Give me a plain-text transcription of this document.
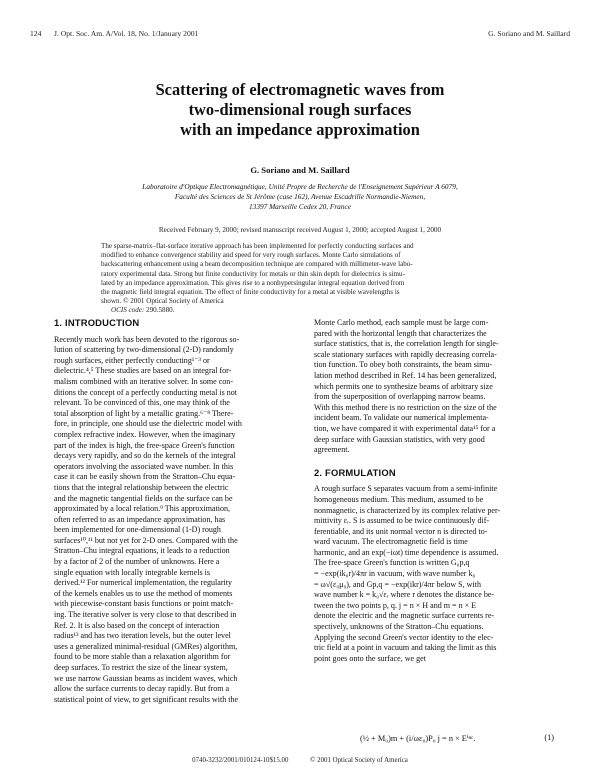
124 J. Opt. Soc. Am. A/Vol. 18, No. 1/January 2001	G. Soriano and M. Saillard
Scattering of electromagnetic waves from
two-dimensional rough surfaces
with an impedance approximation
G. Soriano and M. Saillard
Laboratoire d'Optique Electromagnétique, Unité Propre de Recherche de l'Enseignement Supérieur A 6079,
Faculté des Sciences de St Jérôme (case 162), Avenue Escadrille Normandie-Niemen,
13397 Marseille Cedex 20, France
Received February 9, 2000; revised manuscript received August 1, 2000; accepted August 1, 2000
The sparse-matrix–flat-surface iterative approach has been implemented for perfectly conducting surfaces and
modified to enhance convergence stability and speed for very rough surfaces. Monte Carlo simulations of
backscattering enhancement using a beam decomposition technique are compared with millimeter-wave labo-
ratory experimental data. Strong but finite conductivity for metals or thin skin depth for dielectrics is simu-
lated by an impedance approximation. This gives rise to a nonhypersingular integral equation derived from
the magnetic field integral equation. The effect of finite conductivity for a metal at visible wavelengths is
shown. © 2001 Optical Society of America
OCIS code: 290.5880.
1. INTRODUCTION
Recently much work has been devoted to the rigorous so-
lution of scattering by two-dimensional (2-D) randomly
rough surfaces, either perfectly conducting¹⁻³ or
dielectric.⁴,⁵ These studies are based on an integral for-
malism combined with an iterative solver. In some con-
ditions the concept of a perfectly conducting metal is not
relevant. To be convinced of this, one may think of the
total absorption of light by a metallic grating.⁶⁻⁸ There-
fore, in principle, one should use the dielectric model with
complex refractive index. However, when the imaginary
part of the index is high, the free-space Green's function
decays very rapidly, and so do the kernels of the integral
operators involving the associated wave number. In this
case it can be easily shown from the Stratton–Chu equa-
tions that the integral relationship between the electric
and the magnetic tangential fields on the surface can be
approximated by a local relation.⁹ This approximation,
often referred to as an impedance approximation, has
been implemented for one-dimensional (1-D) rough
surfaces¹⁰,¹¹ but not yet for 2-D ones. Compared with the
Stratton–Chu integral equations, it leads to a reduction
by a factor of 2 of the number of unknowns. Here a
single equation with locally integrable kernels is
derived.¹² For numerical implementation, the regularity
of the kernels enables us to use the method of moments
with piecewise-constant basis functions or point match-
ing. The iterative solver is very close to that described in
Ref. 2. It is also based on the concept of interaction
radius¹³ and has two iteration levels, but the outer level
uses a generalized minimal-residual (GMRes) algorithm,
found to be more stable than a relaxation algorithm for
deep surfaces. To restrict the size of the linear system,
we use narrow Gaussian beams as incident waves, which
allow the surface currents to decay rapidly. But from a
statistical point of view, to get significant results with the
Monte Carlo method, each sample must be large com-
pared with the horizontal length that characterizes the
surface statistics, that is, the correlation length for single-
scale stationary surfaces with rapidly decreasing correla-
tion function. To obey both constraints, the beam simu-
lation method described in Ref. 14 has been generalized,
which permits one to synthesize beams of arbitrary size
from the superposition of overlapping narrow beams.
With this method there is no restriction on the size of the
incident beam. To validate our numerical implementa-
tion, we have compared it with experimental data¹⁵ for a
deep surface with Gaussian statistics, with very good
agreement.
2. FORMULATION
A rough surface S separates vacuum from a semi-infinite
homogeneous medium. This medium, assumed to be
nonmagnetic, is characterized by its complex relative per-
mittivity εᵣ. S is assumed to be twice continuously dif-
ferentiable, and its unit normal vector n is directed to-
ward vacuum. The electromagnetic field is time
harmonic, and an exp(−iωt) time dependence is assumed.
The free-space Green's function is written G₀p,q
= −exp(ik₀r)/4πr in vacuum, with wave number k₀
= ω√(ε₀μ₀), and Gp,q = −exp(ikr)/4πr below S, with
wave number k = k₀√εᵣ where r denotes the distance be-
tween the two points p, q. j = n × H and m = n × E
denote the electric and the magnetic surface currents re-
spectively, unknowns of the Stratton–Chu equations.
Applying the second Green's vector identity to the elec-
tric field at a point in vacuum and taking the limit as this
point goes onto the surface, we get
(½ + M₀)m + (i/ωε₀)P₀ j = n × Eⁱⁿᶜ.	(1)
0740-3232/2001/010124-10$15.00	© 2001 Optical Society of America
